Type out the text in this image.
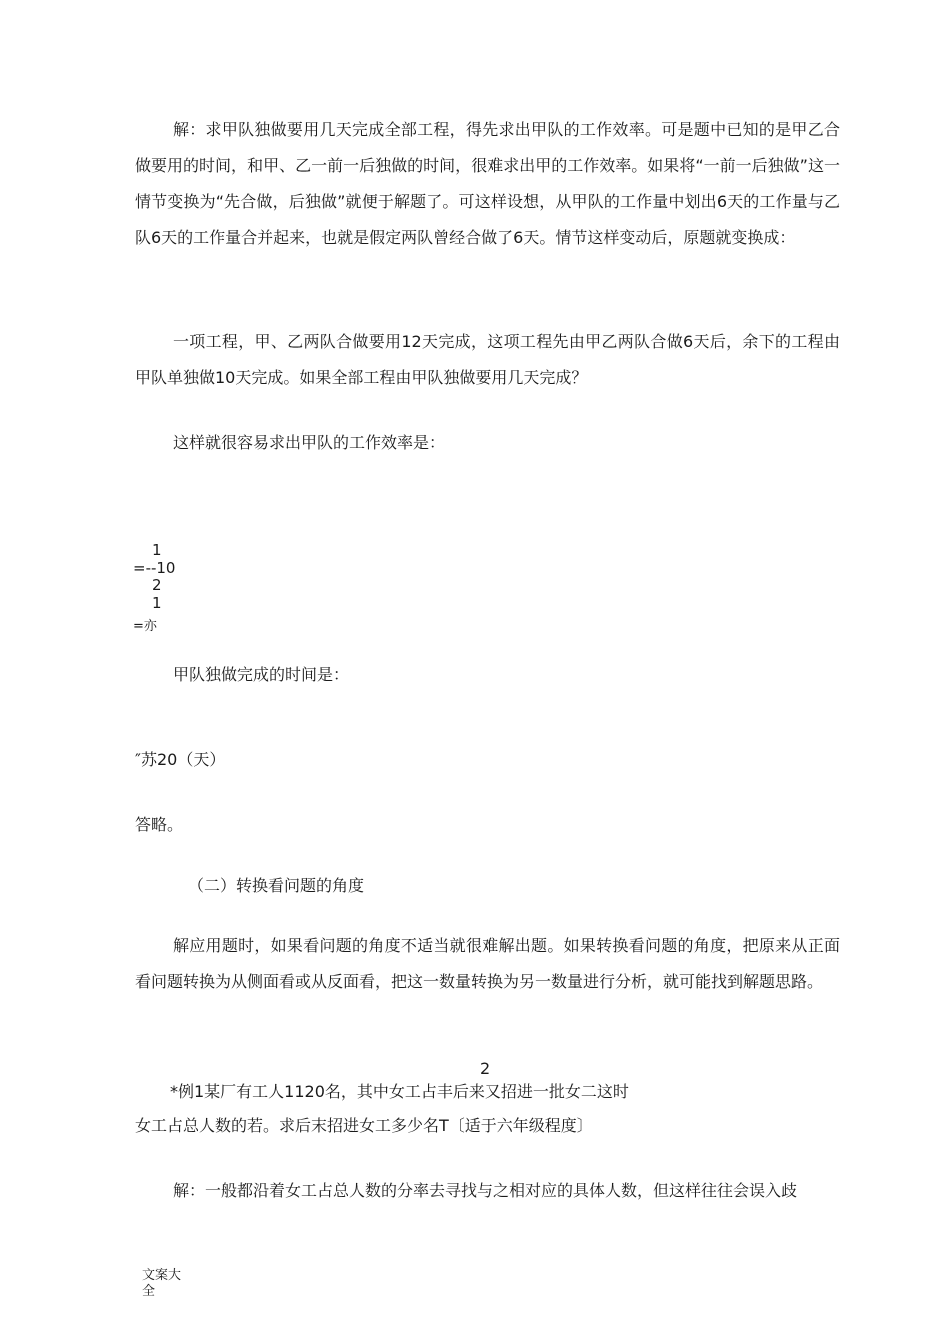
解：求甲队独做要用几天完成全部工程，得先求出甲队的工作效率。可是题中已知的是甲乙合做要用的时间，和甲、乙一前一后独做的时间，很难求出甲的工作效率。如果将“一前一后独做”这一情节变换为“先合做，后独做”就便于解题了。可这样设想，从甲队的工作量中划出6天的工作量与乙队6天的工作量合并起来，也就是假定两队曾经合做了6天。情节这样变动后，原题就变换成：

一项工程，甲、乙两队合做要用12天完成，这项工程先由甲乙两队合做6天后，余下的工程由甲队单独做10天完成。如果全部工程由甲队独做要用几天完成？

这样就很容易求出甲队的工作效率是：

1
=--10
2
1
=亦

甲队独做完成的时间是：

″苏20（天）
答略。
（二）转换看问题的角度

解应用题时，如果看问题的角度不适当就很难解出题。如果转换看问题的角度，把原来从正面看问题转换为从侧面看或从反面看，把这一数量转换为另一数量进行分析，就可能找到解题思路。

2
*例1某厂有工人1120名，其中女工占丰后来又招进一批女二这时
女工占总人数的若。求后末招进女工多少名T〔适于六年级程度〕

解：一般都沿着女工占总人数的分率去寻找与之相对应的具体人数，但这样往往会误入歧

文案大全
